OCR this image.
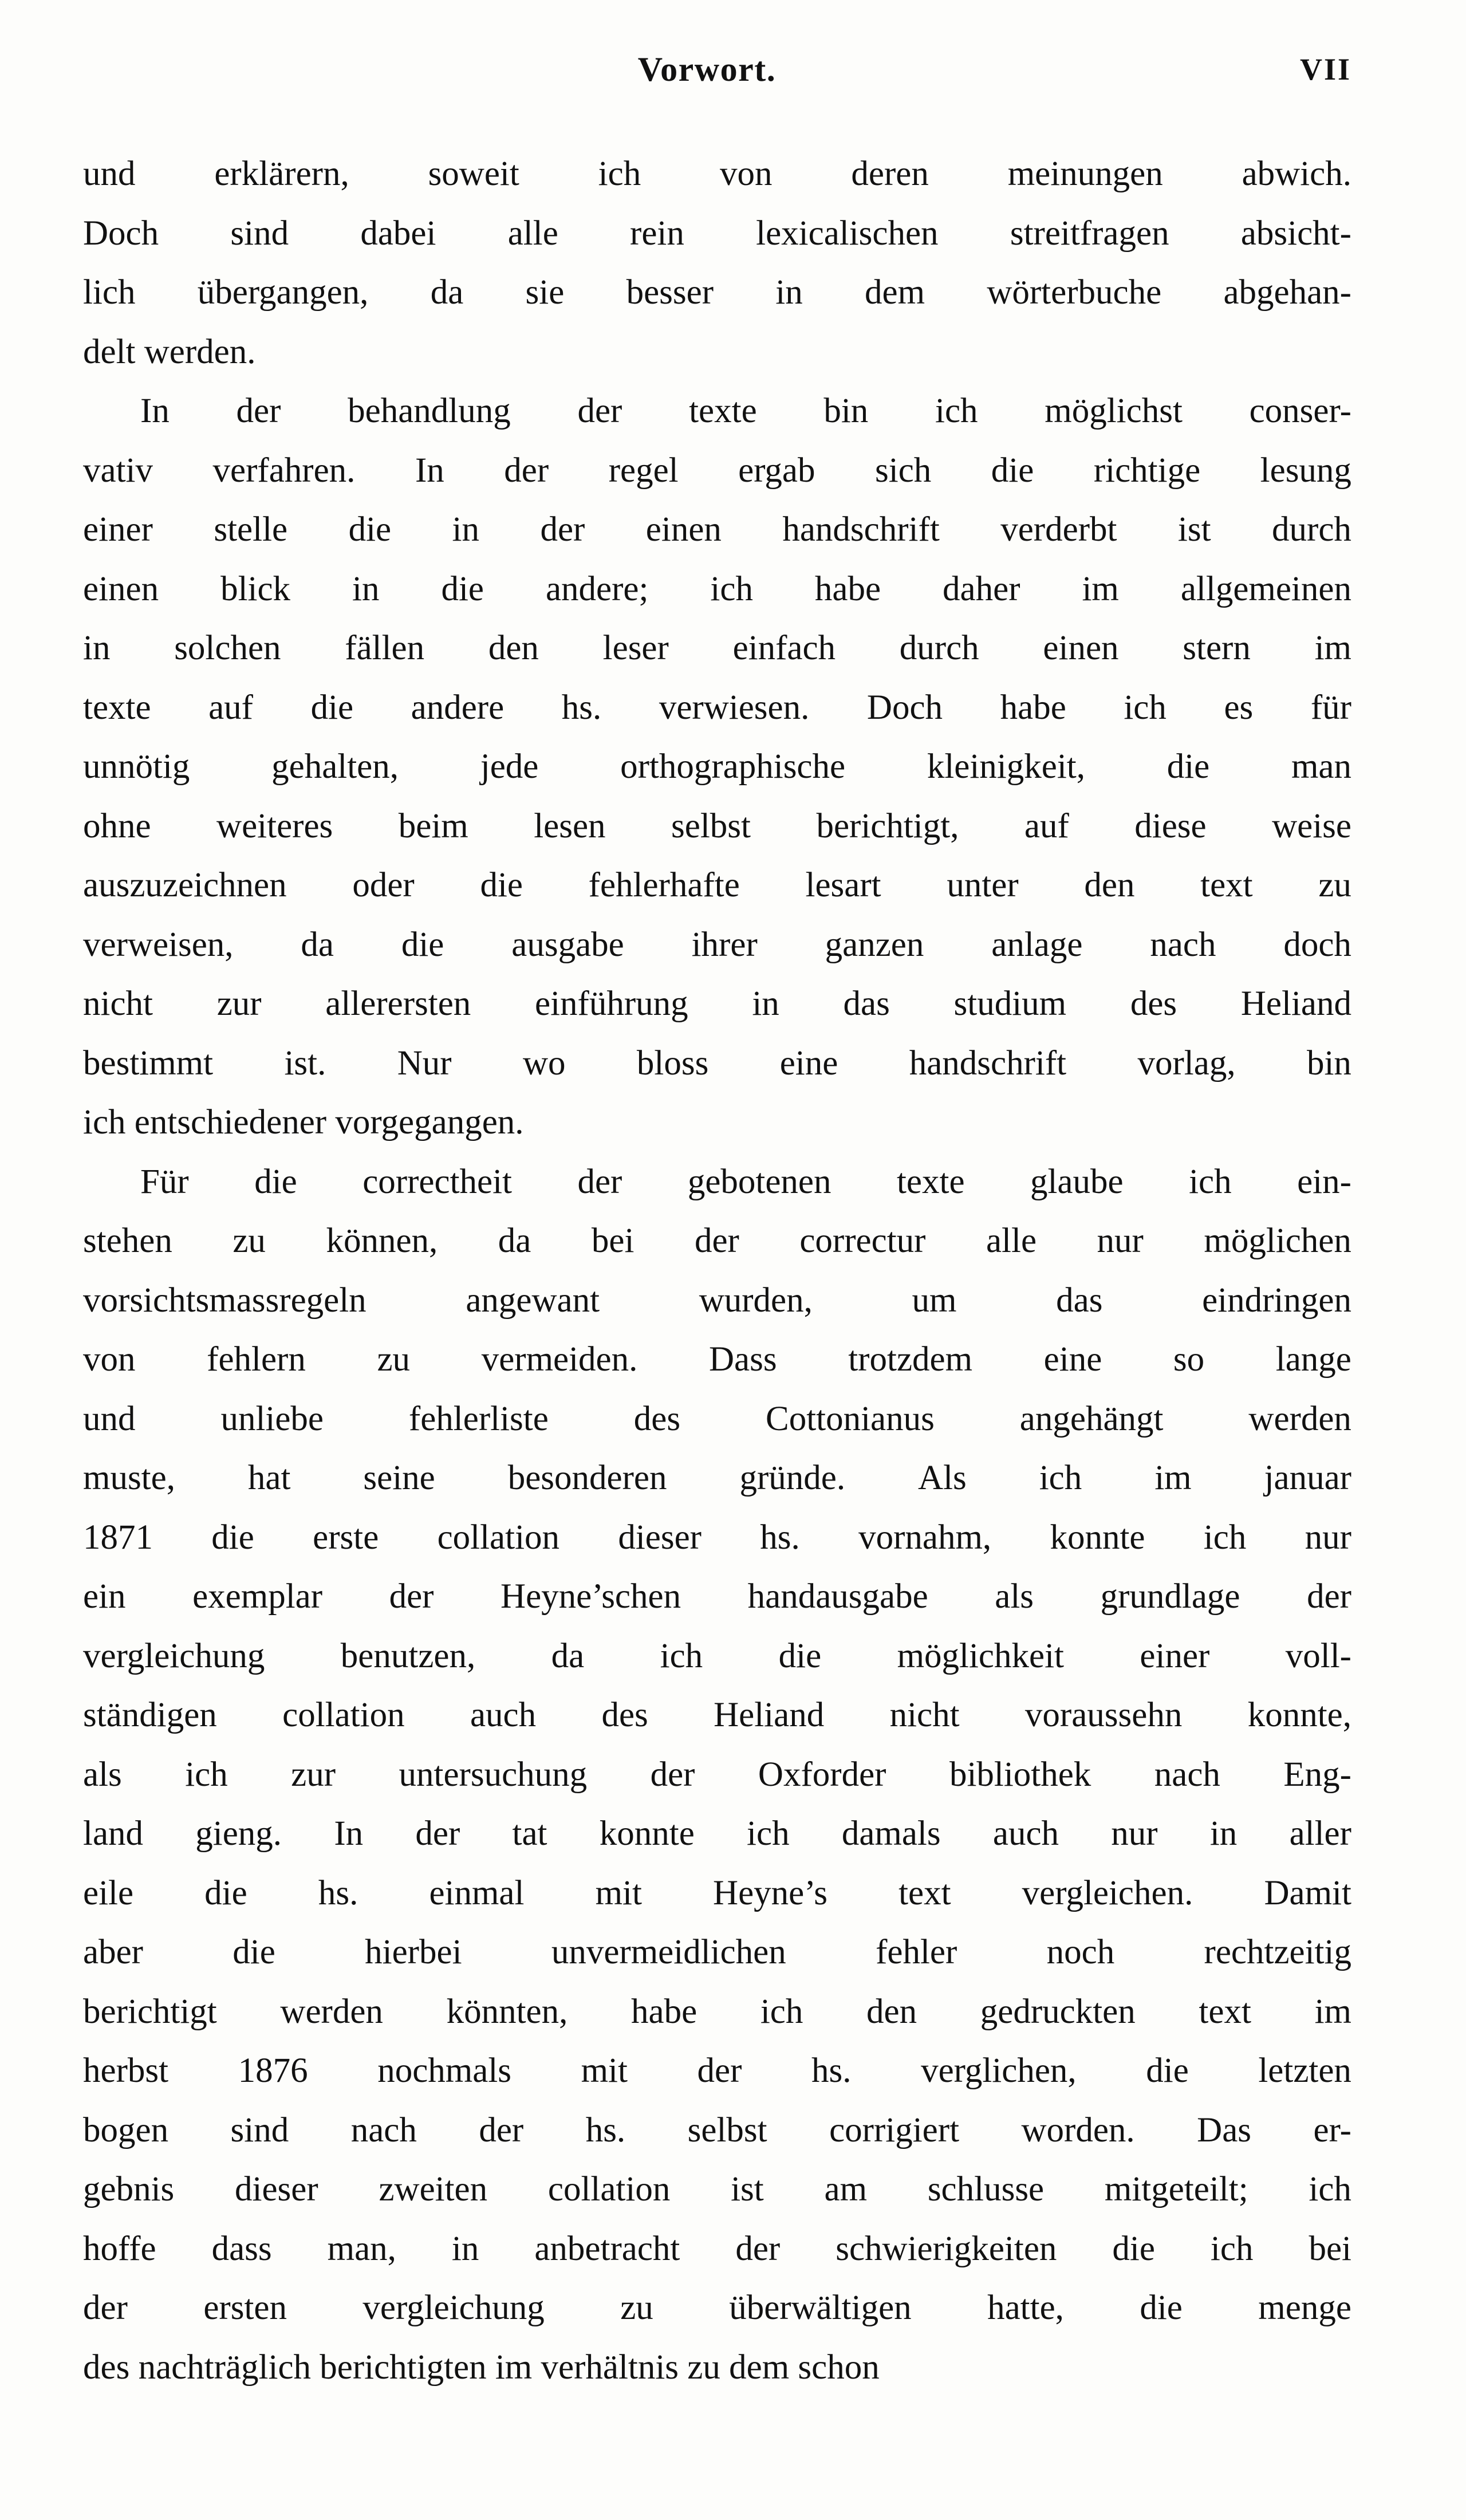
Vorwort.	VII
und erklärern, soweit ich von deren meinungen abwich.
Doch sind dabei alle rein lexicalischen streitfragen absicht-
lich übergangen, da sie besser in dem wörterbuche abgehan-
delt werden.
In der behandlung der texte bin ich möglichst conser-
vativ verfahren. In der regel ergab sich die richtige lesung
einer stelle die in der einen handschrift verderbt ist durch
einen blick in die andere; ich habe daher im allgemeinen
in solchen fällen den leser einfach durch einen stern im
texte auf die andere hs. verwiesen. Doch habe ich es für
unnötig gehalten, jede orthographische kleinigkeit, die man
ohne weiteres beim lesen selbst berichtigt, auf diese weise
auszuzeichnen oder die fehlerhafte lesart unter den text zu
verweisen, da die ausgabe ihrer ganzen anlage nach doch
nicht zur allerersten einführung in das studium des Heliand
bestimmt ist. Nur wo bloss eine handschrift vorlag, bin
ich entschiedener vorgegangen.
Für die correctheit der gebotenen texte glaube ich ein-
stehen zu können, da bei der correctur alle nur möglichen
vorsichtsmassregeln	angewant	wurden,	um	das	eindringen
von fehlern zu vermeiden. Dass trotzdem eine so lange
und unliebe fehlerliste des Cottonianus angehängt werden
muste, hat seine besonderen gründe. Als ich im januar
1871 die erste collation dieser hs. vornahm, konnte ich nur
ein exemplar der Heyne’schen handausgabe als grundlage der
vergleichung benutzen, da ich die möglichkeit einer voll-
ständigen collation auch des Heliand nicht voraussehn konnte,
als ich zur untersuchung der Oxforder bibliothek nach Eng-
land gieng. In der tat konnte ich damals auch nur in aller
eile die hs. einmal mit Heyne’s text vergleichen. Damit
aber	die	hierbei	unvermeidlichen	fehler	noch	rechtzeitig
berichtigt werden könnten, habe ich den gedruckten text im
herbst 1876 nochmals mit der hs. verglichen, die letzten
bogen sind nach der hs. selbst corrigiert worden. Das er-
gebnis dieser zweiten collation ist am schlusse mitgeteilt; ich
hoffe dass man, in anbetracht der schwierigkeiten die ich bei
der ersten vergleichung zu überwältigen hatte, die menge
des nachträglich berichtigten im verhältnis zu dem schon
